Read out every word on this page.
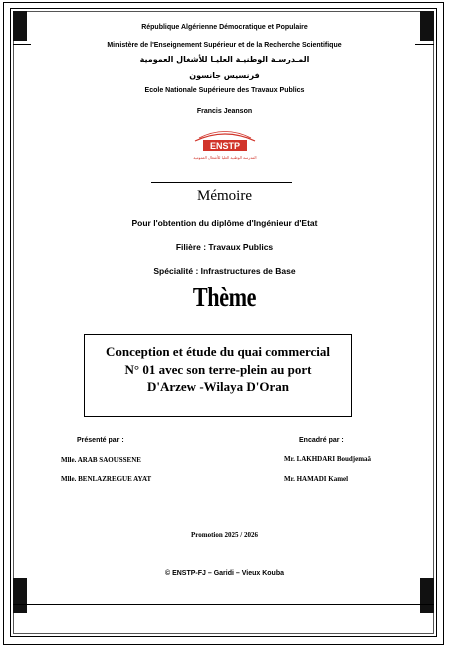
République Algérienne Démocratique et Populaire
Ministère de l'Enseignement Supérieur et de la Recherche Scientifique
المـدرسـة الوطنيـة العليـا للأشغال العمومية
فرنسيس جانسون
Ecole Nationale Supérieure des Travaux Publics
Francis Jeanson
ENSTP
المدرسة الوطنية العليا للأشغال العمومية
Mémoire
Pour l'obtention du diplôme d'Ingénieur d'Etat
Filière : Travaux Publics
Spécialité : Infrastructures de Base
Thème
Conception et étude du quai commercial
N° 01 avec son terre-plein au port
D'Arzew -Wilaya D'Oran
Présenté par :	Encadré par :
Mlle. ARAB SAOUSSENE	Mr. LAKHDARI Boudjemaâ
Mlle. BENLAZREGUE AYAT	Mr. HAMADI Kamel
Promotion 2025 / 2026
© ENSTP-FJ – Garidi – Vieux Kouba
